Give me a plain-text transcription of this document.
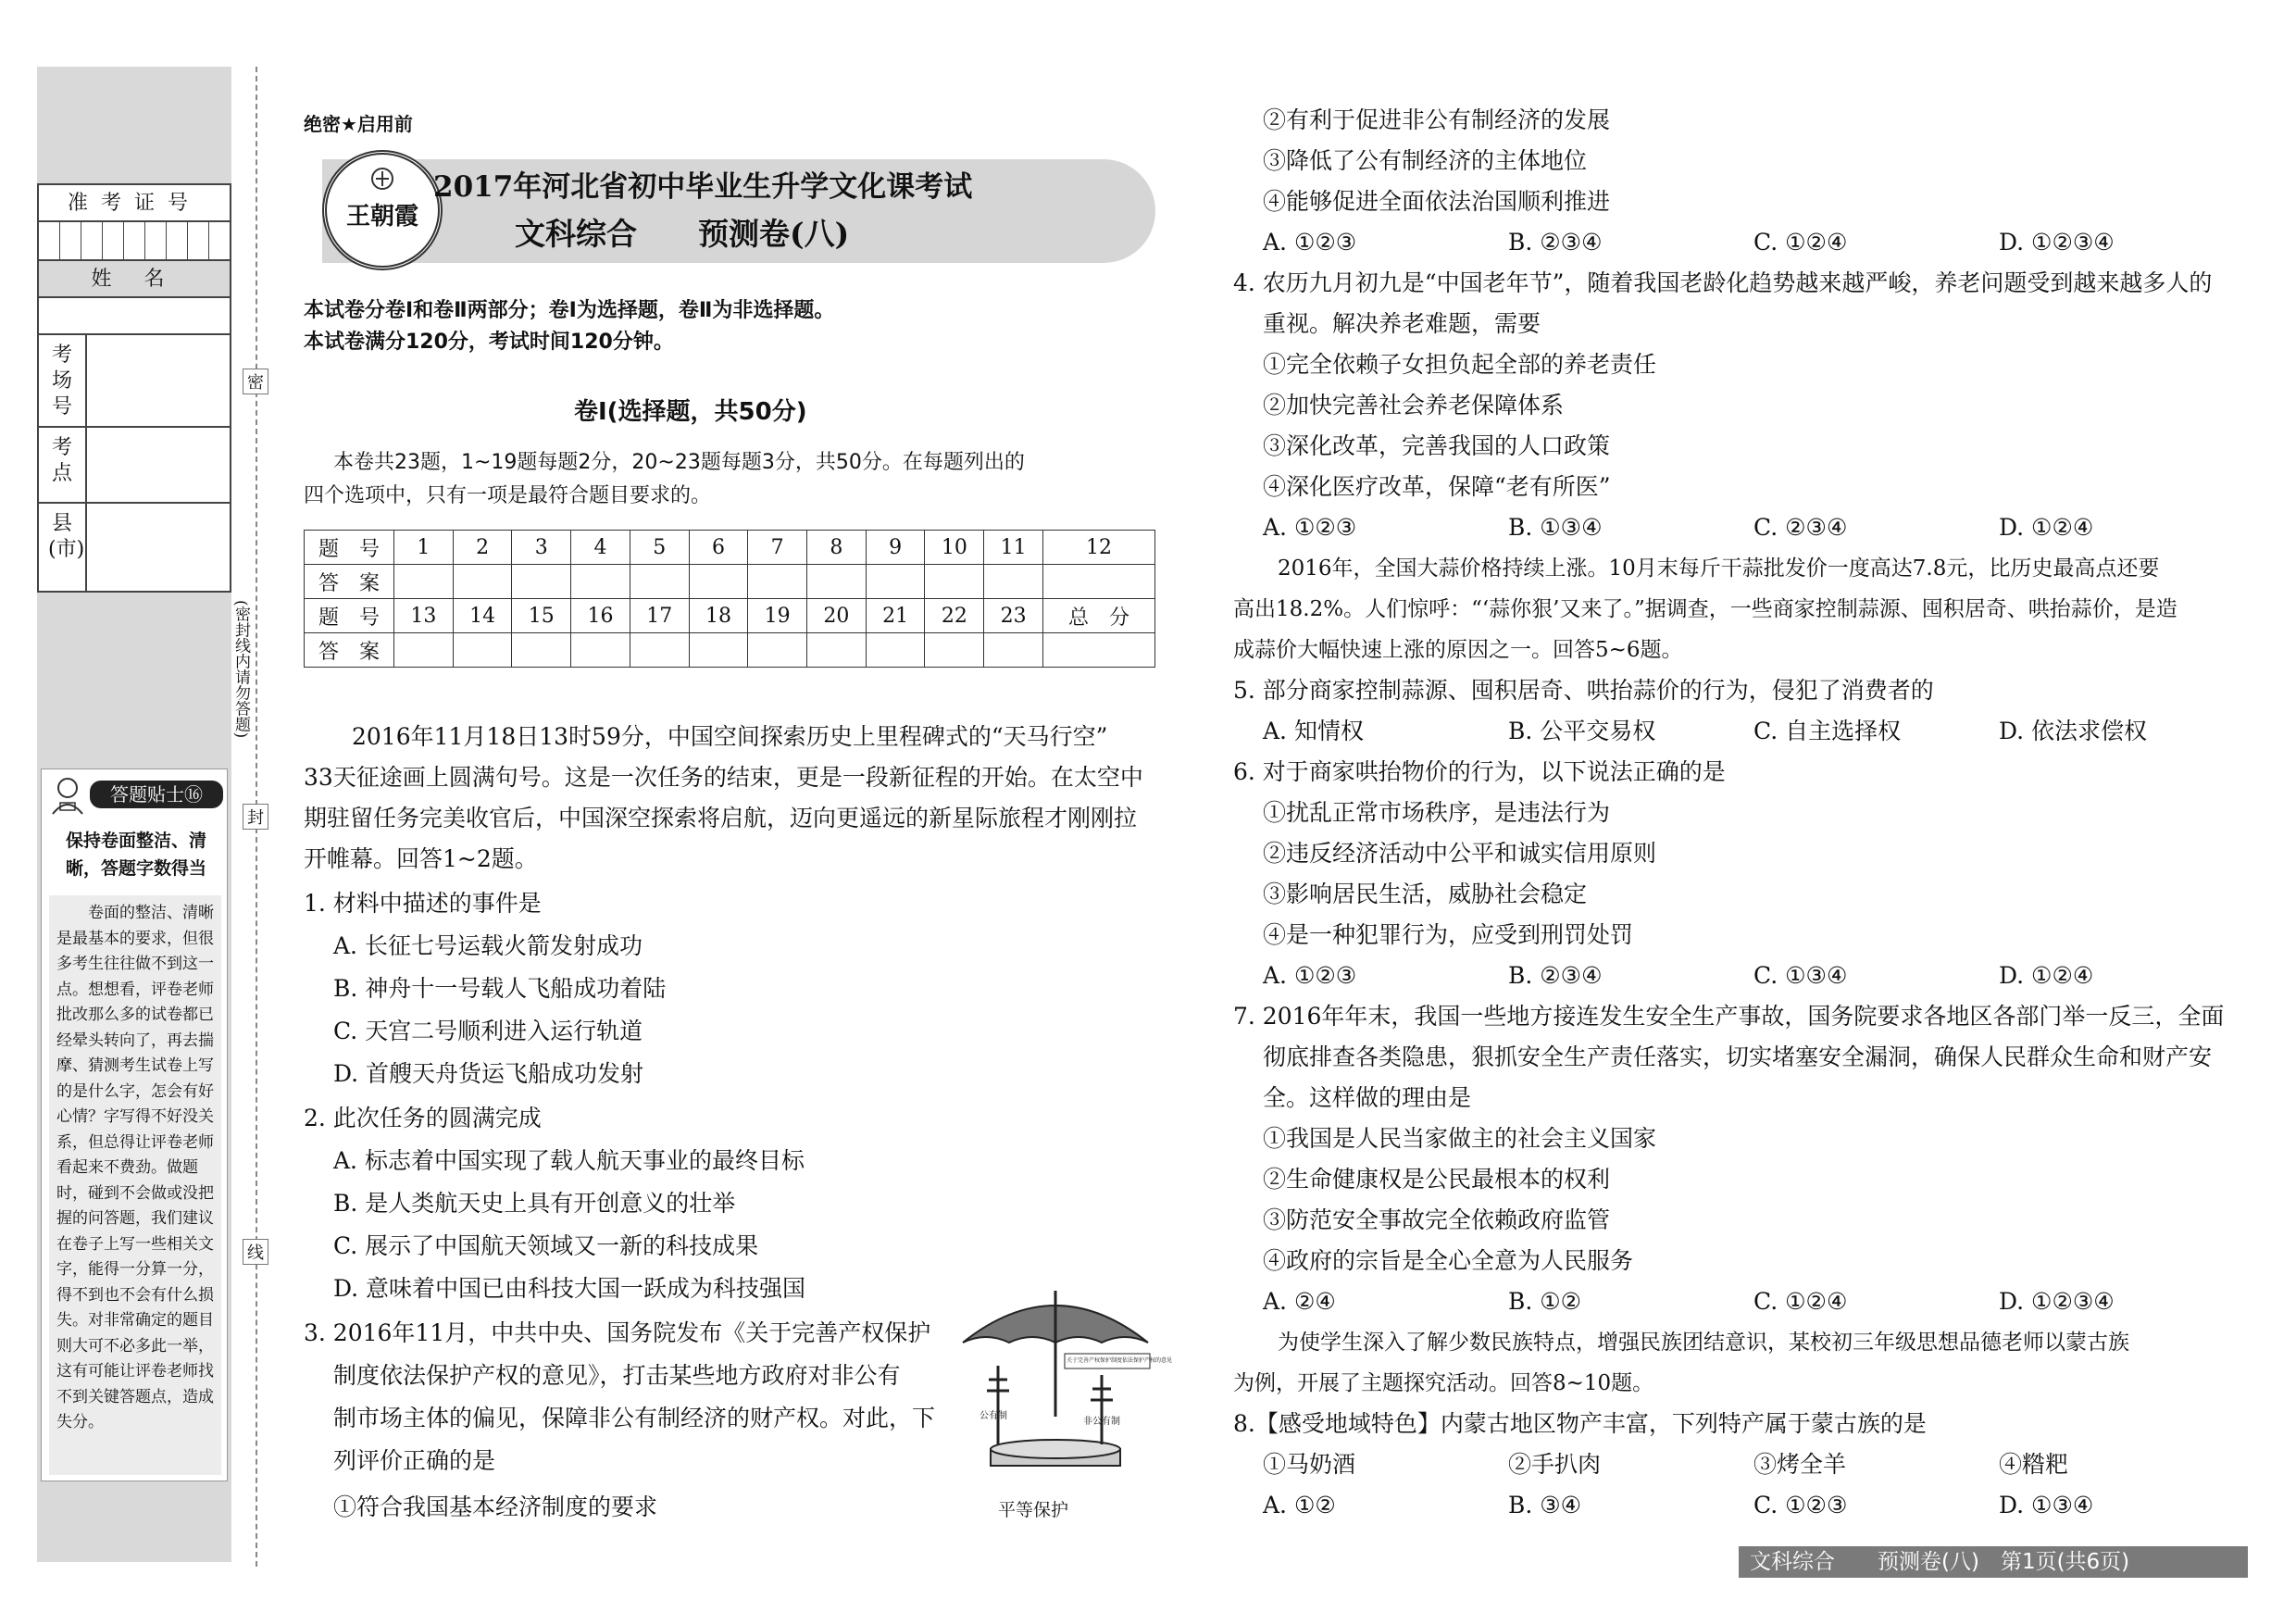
准考证号
姓 名
考场号
考点
县(市)
密
封
线
(密封线内请勿答题)
答题贴士⑯
保持卷面整洁、清晰，答题字数得当
卷面的整洁、清晰是最基本的要求，但很多考生往往做不到这一点。想想看，评卷老师批改那么多的试卷都已经晕头转向了，再去揣摩、猜测考生试卷上写的是什么字，怎会有好心情？字写得不好没关系，但总得让评卷老师看起来不费劲。做题时，碰到不会做或没把握的问答题，我们建议在卷子上写一些相关文字，能得一分算一分，得不到也不会有什么损失。对非常确定的题目则大可不必多此一举，这有可能让评卷老师找不到关键答题点，造成失分。
绝密★启用前
王朝霞
2017年河北省初中毕业生升学文化课考试
文科综合　　预测卷(八)
本试卷分卷Ⅰ和卷Ⅱ两部分；卷Ⅰ为选择题，卷Ⅱ为非选择题。
本试卷满分120分，考试时间120分钟。
卷Ⅰ(选择题，共50分)
本卷共23题，1~19题每题2分，20~23题每题3分，共50分。在每题列出的
四个选项中，只有一项是最符合题目要求的。
题　号	1	2	3	4	5	6	7	8	9	10	11	12
答　案												
题　号	13	14	15	16	17	18	19	20	21	22	23	总　分
答　案												
2016年11月18日13时59分，中国空间探索历史上里程碑式的“天马行空”
33天征途画上圆满句号。这是一次任务的结束，更是一段新征程的开始。在太空中
期驻留任务完美收官后，中国深空探索将启航，迈向更遥远的新星际旅程才刚刚拉
开帷幕。回答1~2题。
1. 材料中描述的事件是
A. 长征七号运载火箭发射成功
B. 神舟十一号载人飞船成功着陆
C. 天宫二号顺利进入运行轨道
D. 首艘天舟货运飞船成功发射
2. 此次任务的圆满完成
A. 标志着中国实现了载人航天事业的最终目标
B. 是人类航天史上具有开创意义的壮举
C. 展示了中国航天领域又一新的科技成果
D. 意味着中国已由科技大国一跃成为科技强国
3. 2016年11月，中共中央、国务院发布《关于完善产权保护
制度依法保护产权的意见》，打击某些地方政府对非公有
制市场主体的偏见，保障非公有制经济的财产权。对此，下
列评价正确的是
①符合我国基本经济制度的要求
公有制
非公有制
关于完善产权保护制度依法保护产权的意见
平等保护
②有利于促进非公有制经济的发展
③降低了公有制经济的主体地位
④能够促进全面依法治国顺利推进
A. ①②③	B. ②③④	C. ①②④	D. ①②③④
4. 农历九月初九是“中国老年节”，随着我国老龄化趋势越来越严峻，养老问题受到越来越多人的
重视。解决养老难题，需要
①完全依赖子女担负起全部的养老责任
②加快完善社会养老保障体系
③深化改革，完善我国的人口政策
④深化医疗改革，保障“老有所医”
A. ①②③	B. ①③④	C. ②③④	D. ①②④
2016年，全国大蒜价格持续上涨。10月末每斤干蒜批发价一度高达7.8元，比历史最高点还要
高出18.2%。人们惊呼：“‘蒜你狠’又来了。”据调查，一些商家控制蒜源、囤积居奇、哄抬蒜价，是造
成蒜价大幅快速上涨的原因之一。回答5~6题。
5. 部分商家控制蒜源、囤积居奇、哄抬蒜价的行为，侵犯了消费者的
A. 知情权	B. 公平交易权	C. 自主选择权	D. 依法求偿权
6. 对于商家哄抬物价的行为，以下说法正确的是
①扰乱正常市场秩序，是违法行为
②违反经济活动中公平和诚实信用原则
③影响居民生活，威胁社会稳定
④是一种犯罪行为，应受到刑罚处罚
A. ①②③	B. ②③④	C. ①③④	D. ①②④
7. 2016年年末，我国一些地方接连发生安全生产事故，国务院要求各地区各部门举一反三，全面
彻底排查各类隐患，狠抓安全生产责任落实，切实堵塞安全漏洞，确保人民群众生命和财产安
全。这样做的理由是
①我国是人民当家做主的社会主义国家
②生命健康权是公民最根本的权利
③防范安全事故完全依赖政府监管
④政府的宗旨是全心全意为人民服务
A. ②④	B. ①②	C. ①②④	D. ①②③④
为使学生深入了解少数民族特点，增强民族团结意识，某校初三年级思想品德老师以蒙古族
为例，开展了主题探究活动。回答8~10题。
8.【感受地域特色】内蒙古地区物产丰富，下列特产属于蒙古族的是
①马奶酒	②手扒肉	③烤全羊	④糌粑
A. ①②	B. ③④	C. ①②③	D. ①③④
文科综合　　预测卷(八)　第1页(共6页)
